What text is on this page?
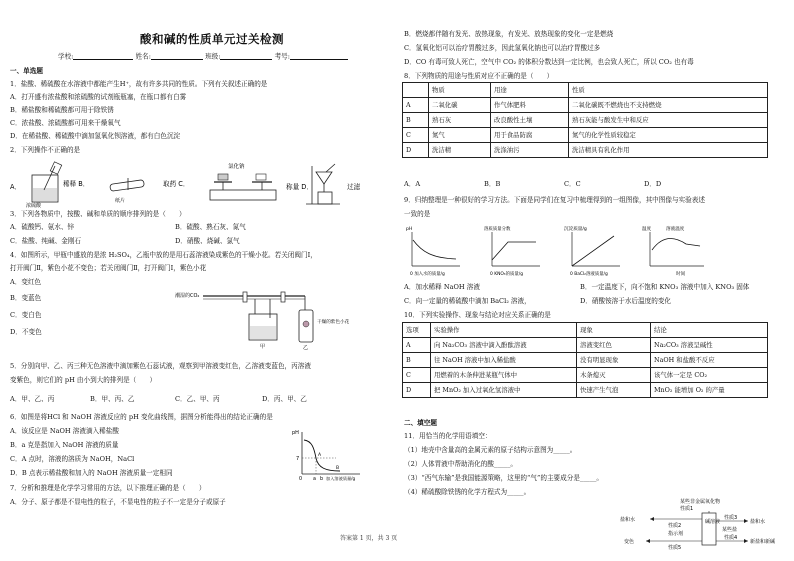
酸和碱的性质单元过关检测
学校:	姓名:	班级:	考号:
一、单选题
1．盐酸、稀硫酸在水溶液中都能产生H⁺，故有许多共同的性质。下列有关叙述正确的是
A．打开盛有浓盐酸和浓硫酸的试剂瓶瓶塞，在瓶口都有白雾
B．稀盐酸和稀硫酸都可用于除铁锈
C．浓盐酸、浓硫酸都可用来干燥氧气
D．在稀盐酸、稀硫酸中滴加氢氧化钡溶液，都有白色沉淀
2．下列操作不正确的是
A．
浓硫酸
稀释 B．
纸片
取药 C．
氯化钠
称量 D．	过滤
3．下列各物质中，按酸、碱和单质的顺序排列的是（　　）
A．硫酸钙、氨水、锌	B．硫酸、熟石灰、氮气
C．盐酸、纯碱、金刚石	D．硝酸、烧碱、氯气
4．如图所示，甲瓶中盛放的是浓 H₂SO₄，乙瓶中放的是用石蕊溶液染成紫色的干燥小花。若关闭阀门Ⅰ，
打开阀门Ⅱ，紫色小花不变色；若关闭阀门Ⅱ，打开阀门Ⅰ，紫色小花
A．变红色
B．变蓝色
C．变白色
D．不变色
潮湿的CO₂
甲	乙
干燥的紫色小花
5．分别向甲、乙、丙三种无色溶液中滴加紫色石蕊试液，观察到甲溶液变红色，乙溶液变蓝色，丙溶液
变紫色，则它们的 pH 由小到大的排列是（　　）
A．甲、乙、丙	B．甲、丙、乙	C．乙、甲、丙	D．丙、甲、乙
6．如图是将HCl 和 NaOH 溶液反应的 pH 变化曲线图，据图分析能得出的结论正确的是
A．该反应是 NaOH 溶液滴入稀盐酸
B．a 克是指加入 NaOH 溶液的质量
C．A 点时，溶液的溶质为 NaOH，NaCl
D．B 点表示稀盐酸和加入的 NaOH 溶液质量一定相同
pH
7
A
B
0 a b 加入溶液质量/g
7．分析和推理是化学学习常用的方法，以下推理正确的是（　　）
A．分子、原子都是不显电性的粒子，不显电性的粒子不一定是分子或原子
B．燃烧都伴随有发光、放热现象，有发光、放热现象的变化一定是燃烧
C．氢氧化铝可以治疗胃酸过多，因此氢氧化钠也可以治疗胃酸过多
D．CO 有毒可致人死亡，空气中 CO₂ 的体积分数达到一定比例，也会致人死亡，所以 CO₂ 也有毒
8．下列物质的用途与性质对应不正确的是（　　）
	物质	用途	性质
A	二氧化碳	作气体肥料	二氧化碳既不燃烧也不支持燃烧
B	熟石灰	改良酸性土壤	熟石灰能与酸发生中和反应
C	氮气	用于食品防腐	氮气的化学性质较稳定
D	洗洁精	洗涤油污	洗洁精具有乳化作用
A．A	B．B	C．C	D．D
9．归纳整理是一种很好的学习方法。下面是同学们在复习中梳理得到的一组图像，其中图像与实验表述
一致的是
pH
0 加入水的质量/g
溶质质量分数
0 KNO₃的质量/g
沉淀质量/g
0 BaCl₂溶液质量/g
温度	溶液温度
时间
A．加水稀释 NaOH 溶液	B．一定温度下，向不饱和 KNO₃ 溶液中加入 KNO₃ 固体
C．向一定量的稀硫酸中滴加 BaCl₂ 溶液，	D．硝酸铵溶于水后温度的变化
10．下列实验操作、现象与结论对应关系正确的是
选项	实验操作	现象	结论
A	向 Na₂CO₃ 溶液中滴入酚酞溶液	溶液变红色	Na₂CO₃ 溶液呈碱性
B	往 NaOH 溶液中加入稀盐酸	没有明显现象	NaOH 和盐酸不反应
C	用燃着的木条伸进某瓶气体中	木条熄灭	该气体一定是 CO₂
D	把 MnO₂ 加入过氧化氢溶液中	快速产生气泡	MnO₂ 能增加 O₂ 的产量
二、填空题
11．用恰当的化学用语填空：
（1）地壳中含量高的金属元素的原子结构示意图为_____。
（2）人体胃液中帮助消化的酸_____。
（3）“西气东输”是我国能源策略，这里的“气”的主要成分是_____。
（4）稀硫酸除铁锈的化学方程式为_____。
某些非金属氧化物
性质1
碱溶液
盐和水
性质2
指示剂
变色
性质5
性质3
盐和水
某些盐
性质4
新盐和新碱
答案第 1 页，共 3 页
